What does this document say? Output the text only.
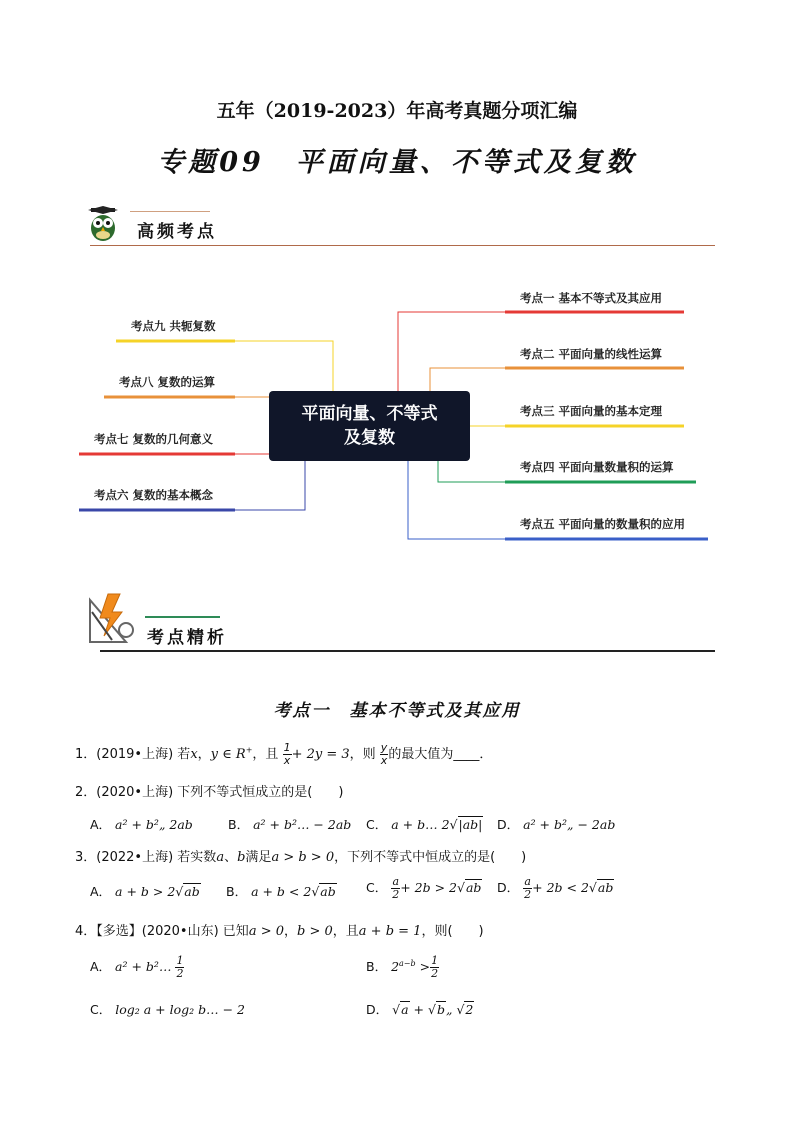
五年（2019-2023）年高考真题分项汇编
专题09　平面向量、不等式及复数
高频考点
平面向量、不等式
及复数
考点九 共轭复数
考点八 复数的运算
考点七 复数的几何意义
考点六 复数的基本概念
考点一 基本不等式及其应用
考点二 平面向量的线性运算
考点三 平面向量的基本定理
考点四 平面向量数量积的运算
考点五 平面向量的数量积的应用
考点精析
考点一　基本不等式及其应用
1．(2019•上海) 若x，y ∈ R+，且 $\frac{1}{x} + 2y = 3$，则 $\frac{y}{x}$ 的最大值为____．
2．(2020•上海) 下列不等式恒成立的是(　　)
A． a² + b²„ 2ab	B． a² + b²… − 2ab C． a + b… 2√|ab| D． a² + b²„ − 2ab
3．(2022•上海) 若实数a、b满足a > b > 0，下列不等式中恒成立的是(　　)
A． a + b > 2√ab B． a + b < 2√ab C． $\frac{a}{2} + 2b > 2√ab$ D． $\frac{a}{2} + 2b < 2√ab$
4．【多选】(2020•山东) 已知a > 0，b > 0，且a + b = 1，则(　　)
A． a² + b²… $\frac{1}{2}$	B． $2^{a-b} > \frac{1}{2}$
C． log₂ a + log₂ b… − 2	D． √a + √b„ √2
